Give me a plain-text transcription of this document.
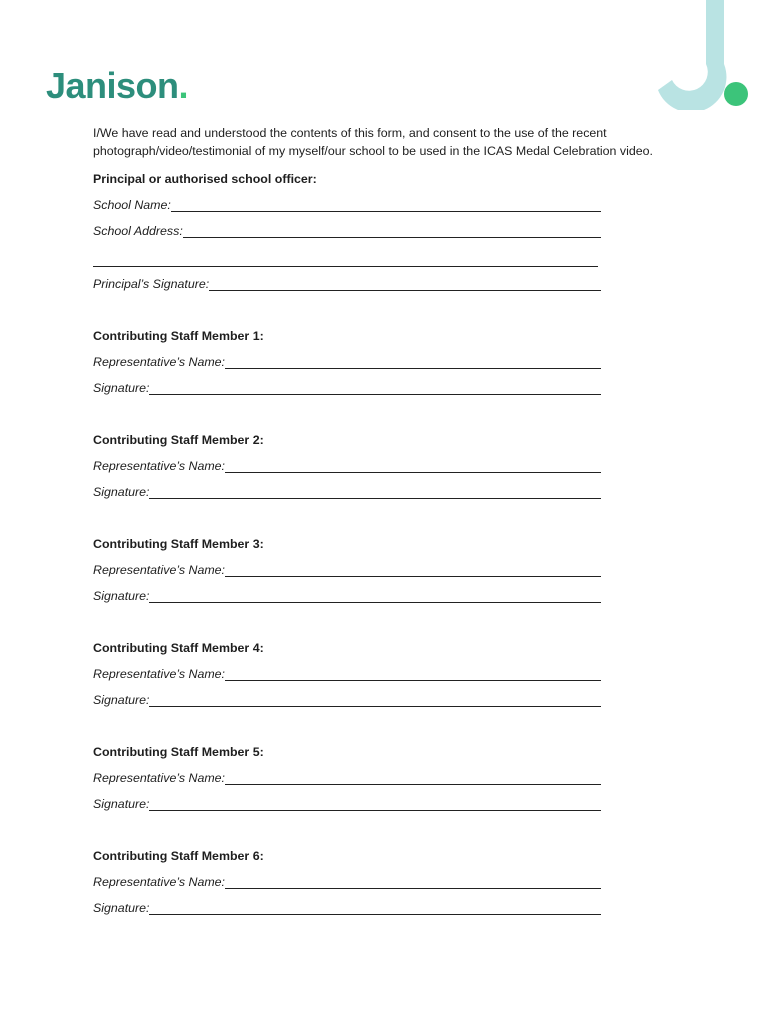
Janison.

I/We have read and understood the contents of this form, and consent to the use of the recent photograph/video/testimonial of my myself/our school to be used in the ICAS Medal Celebration video.

Principal or authorised school officer:

School Name:
School Address:
Principal’s Signature:

Contributing Staff Member 1:

Representative’s Name:
Signature:

Contributing Staff Member 2:

Representative’s Name:
Signature:

Contributing Staff Member 3:

Representative’s Name:
Signature:

Contributing Staff Member 4:

Representative’s Name:
Signature:

Contributing Staff Member 5:

Representative’s Name:
Signature:

Contributing Staff Member 6:

Representative’s Name:
Signature:
